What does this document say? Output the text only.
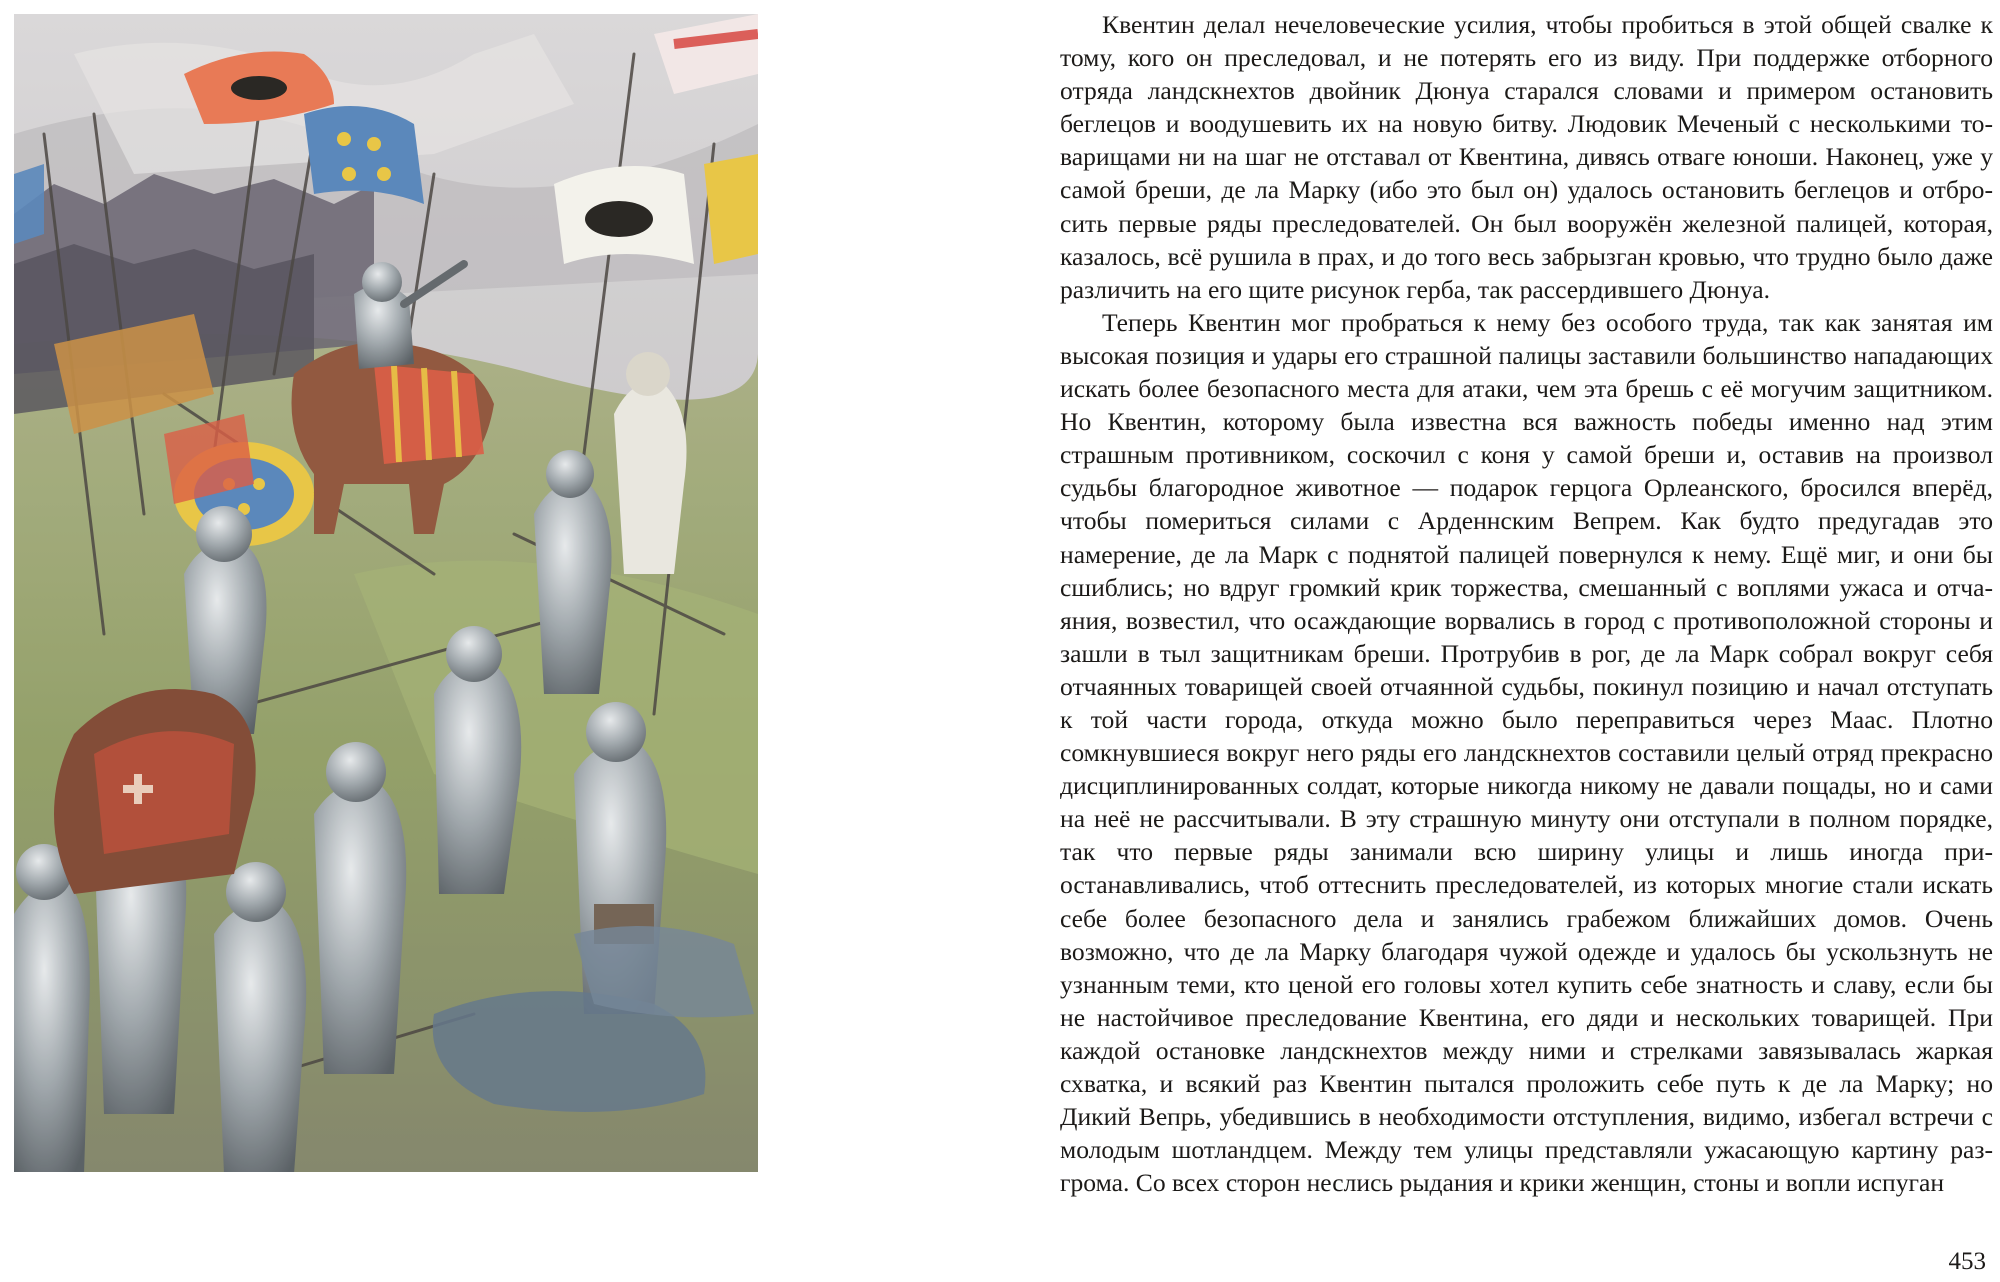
Квентин делал нечеловеческие усилия, чтобы пробиться в этой общей свалке к тому, кого он преследовал, и не потерять его из виду. При поддержке отборного отряда ландскнехтов двойник Дюнуа старался словами и примером остановить беглецов и воодушевить их на новую битву. Людовик Меченый с несколькими товарищами ни на шаг не отставал от Квентина, дивясь отваге юноши. Наконец, уже у самой бреши, де ла Марку (ибо это был он) удалось остановить беглецов и отбросить первые ряды преследователей. Он был вооружён железной палицей, которая, казалось, всё рушила в прах, и до того весь забрызган кровью, что трудно было даже различить на его щите рисунок герба, так рассердившего Дюнуа.

Теперь Квентин мог пробраться к нему без особого труда, так как занятая им высокая позиция и удары его страшной палицы заставили большинство нападающих искать более безопасного места для атаки, чем эта брешь с её могучим защитником. Но Квентин, которому была известна вся важность победы именно над этим страшным противником, соскочил с коня у самой бреши и, оставив на произвол судьбы благородное животное — подарок герцога Орлеанского, бросился вперёд, чтобы помериться силами с Арденнским Вепрем. Как будто предугадав это намерение, де ла Марк с поднятой палицей повернулся к нему. Ещё миг, и они бы сшиблись; но вдруг громкий крик торжества, смешанный с воплями ужаса и отчаяния, возвестил, что осаждающие ворвались в город с противоположной стороны и зашли в тыл защитникам бреши. Протрубив в рог, де ла Марк собрал вокруг себя отчаянных товарищей своей отчаянной судьбы, покинул позицию и начал отступать к той части города, откуда можно было переправиться через Маас. Плотно сомкнувшиеся вокруг него ряды его ландскнехтов составили целый отряд прекрасно дисциплинированных солдат, которые никогда никому не давали пощады, но и сами на неё не рассчитывали. В эту страшную минуту они отступали в полном порядке, так что первые ряды занимали всю ширину улицы и лишь иногда приостанавливались, чтоб оттеснить преследователей, из которых многие стали искать себе более безопасного дела и занялись грабежом ближайших домов. Очень возможно, что де ла Марку благодаря чужой одежде и удалось бы ускользнуть не узнанным теми, кто ценой его головы хотел купить себе знатность и славу, если бы не настойчивое преследование Квентина, его дяди и нескольких товарищей. При каждой остановке ландскнехтов между ними и стрелками завязывалась жаркая схватка, и всякий раз Квентин пытался проложить себе путь к де ла Марку; но Дикий Вепрь, убедившись в необходимости отступления, видимо, избегал встречи с молодым шотландцем. Между тем улицы представляли ужасающую картину разгрома. Со всех сторон неслись рыдания и крики женщин, стоны и вопли испуган

453
